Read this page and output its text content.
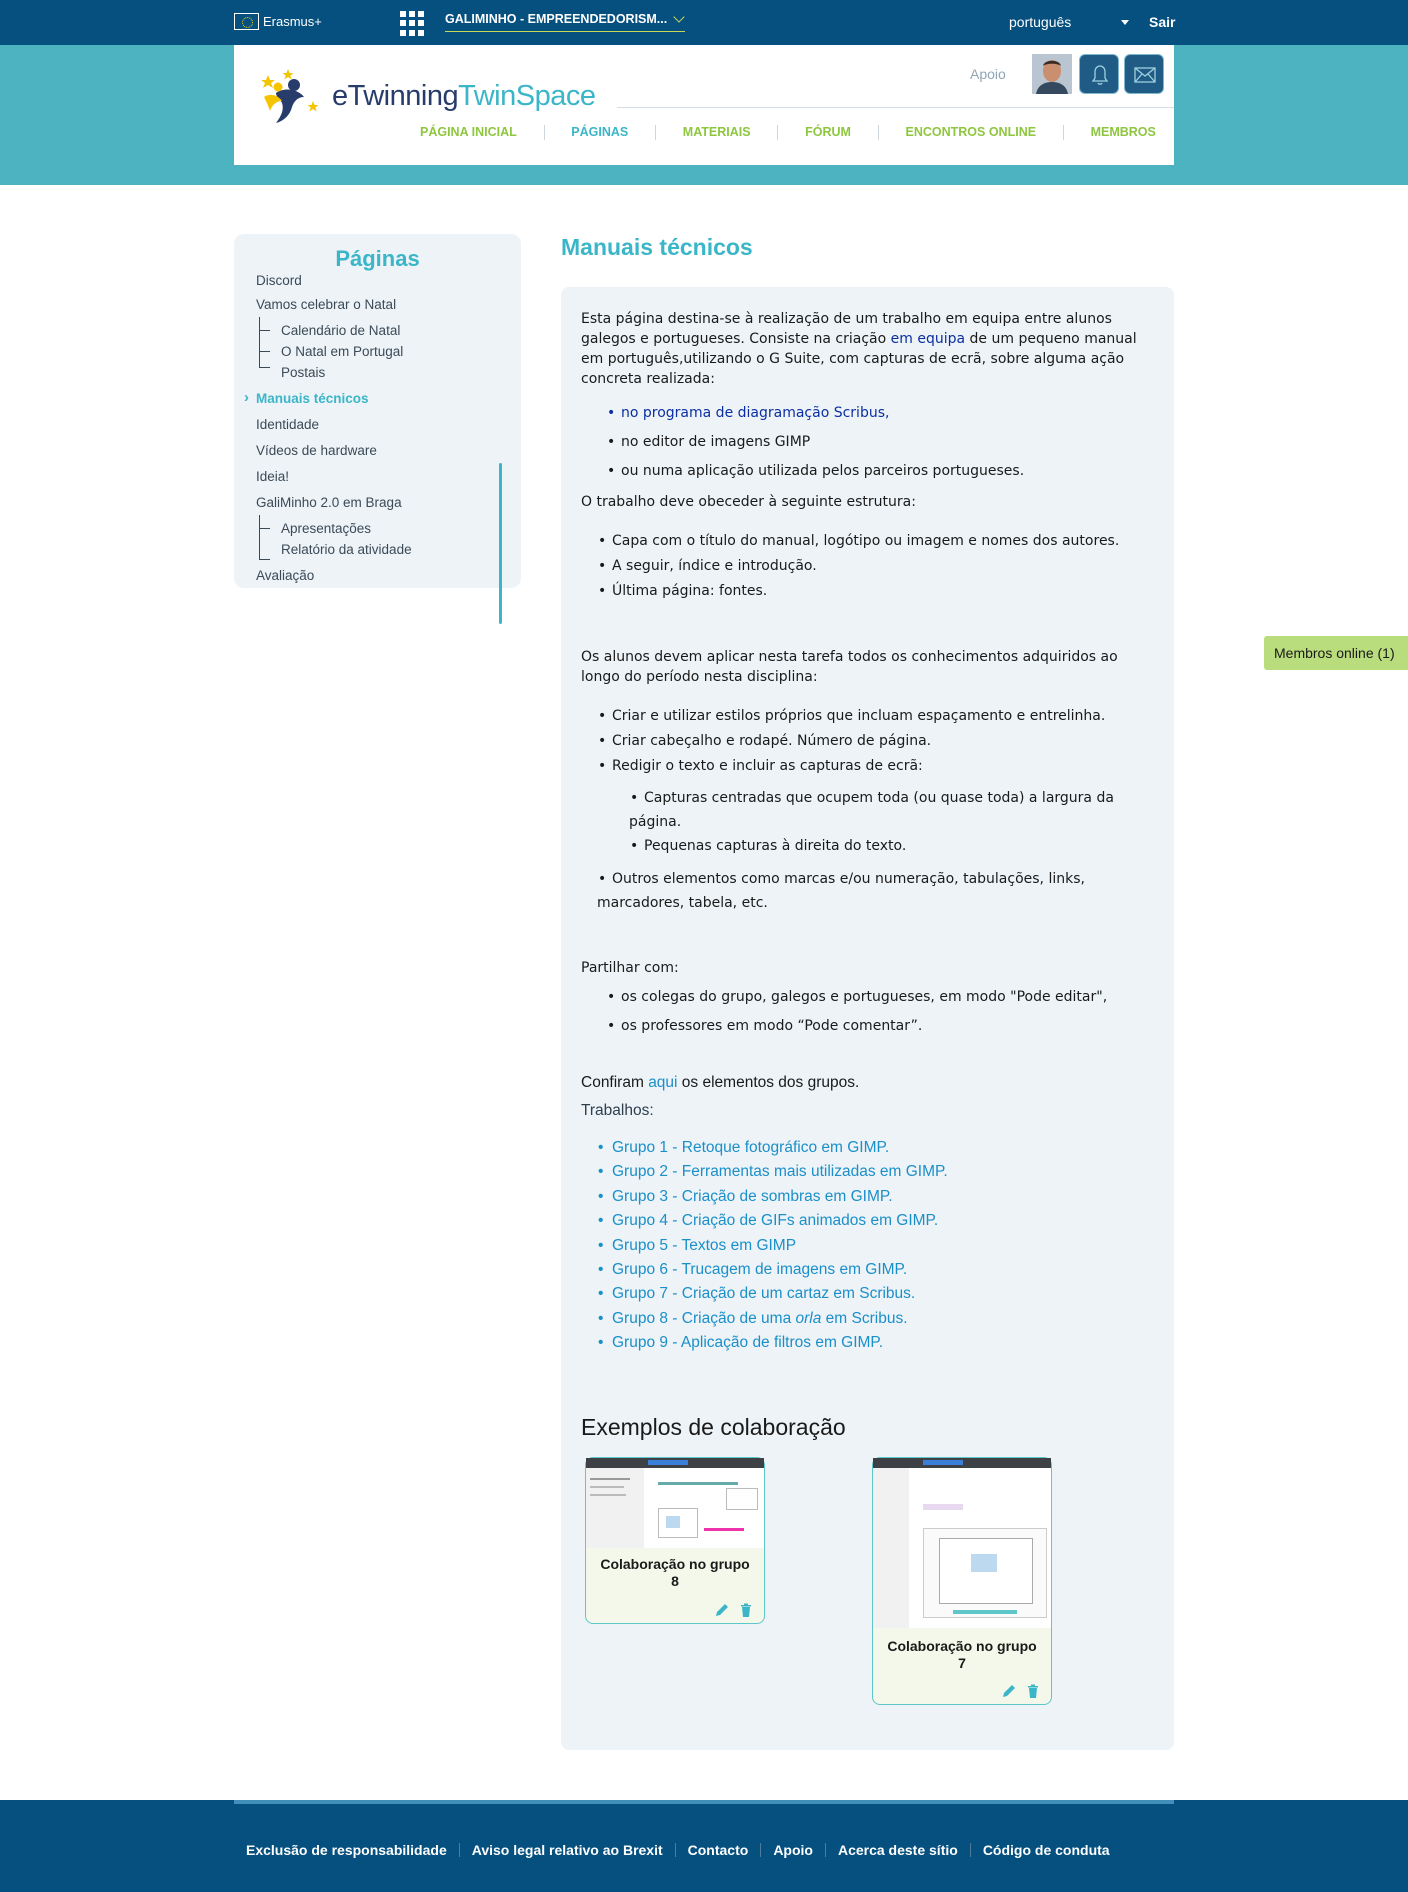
Erasmus+	GALIMINHO - EMPREENDEDORISM...	português	Sair
eTwinningTwinSpace
Apoio
PÁGINA INICIAL	PÁGINAS	MATERIAIS	FÓRUM	ENCONTROS ONLINE	MEMBROS
Páginas
Discord
Vamos celebrar o Natal
Calendário de Natal
O Natal em Portugal
Postais
› Manuais técnicos
Identidade
Vídeos de hardware
Ideia!
GaliMinho 2.0 em Braga
Apresentações
Relatório da atividade
Avaliação
Manuais técnicos
Esta página destina-se à realização de um trabalho em equipa entre alunos
galegos e portugueses. Consiste na criação em equipa de um pequeno manual
em português,utilizando o G Suite, com capturas de ecrã, sobre alguma ação
concreta realizada:
• no programa de diagramação Scribus,
• no editor de imagens GIMP
• ou numa aplicação utilizada pelos parceiros portugueses.
O trabalho deve obeceder à seguinte estrutura:
• Capa com o título do manual, logótipo ou imagem e nomes dos autores.
• A seguir, índice e introdução.
• Última página: fontes.
Os alunos devem aplicar nesta tarefa todos os conhecimentos adquiridos ao
longo do período nesta disciplina:
• Criar e utilizar estilos próprios que incluam espaçamento e entrelinha.
• Criar cabeçalho e rodapé. Número de página.
• Redigir o texto e incluir as capturas de ecrã:
• Capturas centradas que ocupem toda (ou quase toda) a largura da
página.
• Pequenas capturas à direita do texto.
• Outros elementos como marcas e/ou numeração, tabulações, links,
marcadores, tabela, etc.
Partilhar com:
• os colegas do grupo, galegos e portugueses, em modo "Pode editar",
• os professores em modo “Pode comentar”.
Confiram aqui os elementos dos grupos.
Trabalhos:
• Grupo 1 - Retoque fotográfico em GIMP.
• Grupo 2 - Ferramentas mais utilizadas em GIMP.
• Grupo 3 - Criação de sombras em GIMP.
• Grupo 4 - Criação de GIFs animados em GIMP.
• Grupo 5 - Textos em GIMP
• Grupo 6 - Trucagem de imagens em GIMP.
• Grupo 7 - Criação de um cartaz em Scribus.
• Grupo 8 - Criação de uma orla em Scribus.
• Grupo 9 - Aplicação de filtros em GIMP.
Exemplos de colaboração
Colaboração no grupo 8
Colaboração no grupo 7
Membros online (1)
Exclusão de responsabilidade	Aviso legal relativo ao Brexit	Contacto	Apoio	Acerca deste sítio	Código de conduta
